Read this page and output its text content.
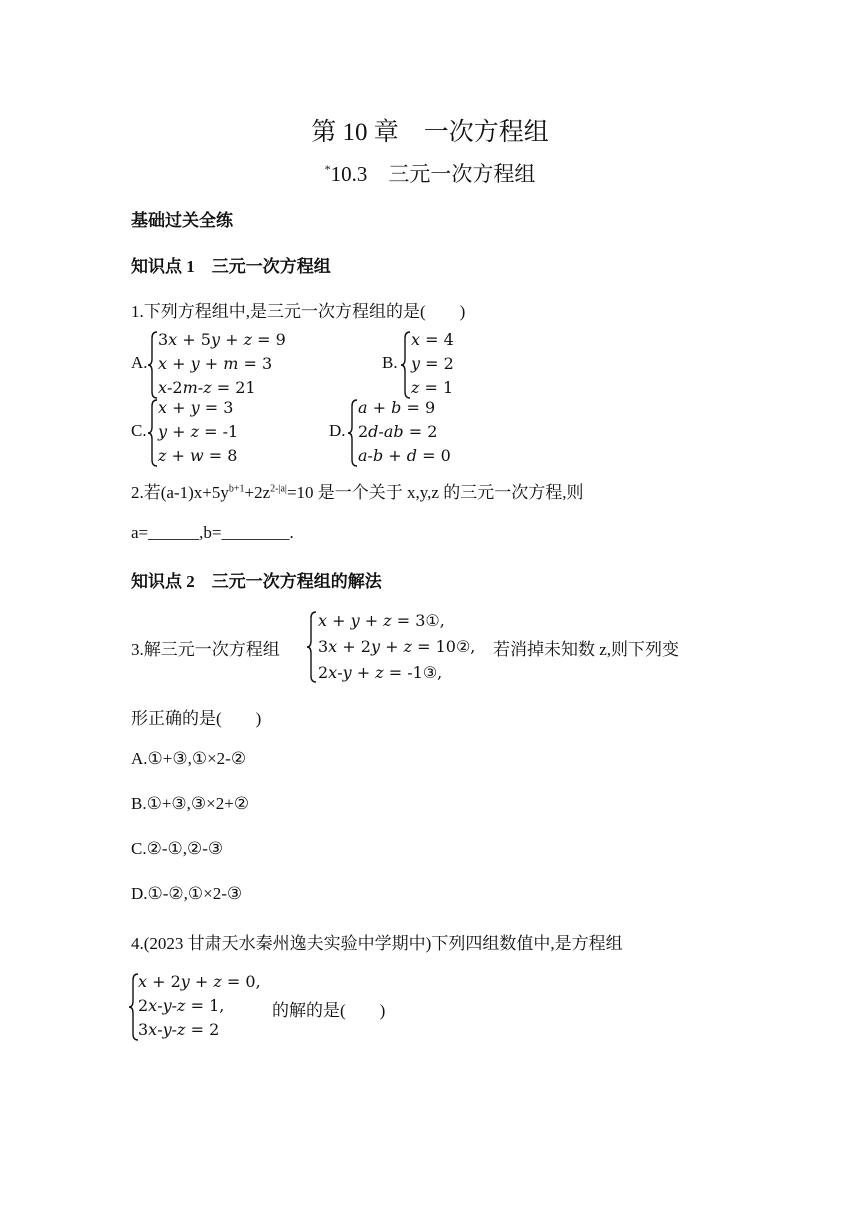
第 10 章　一次方程组
*10.3　三元一次方程组
基础过关全练
知识点 1　三元一次方程组
1.下列方程组中,是三元一次方程组的是(　　)
A.
3𝑥 + 5𝑦 + 𝑧 = 9
𝑥 + 𝑦 + 𝑚 = 3
𝑥-2𝑚-𝑧 = 21
B.
𝑥 = 4
𝑦 = 2
𝑧 = 1
C.
𝑥 + 𝑦 = 3
𝑦 + 𝑧 = -1
𝑧 + 𝑤 = 8
D.
𝑎 + 𝑏 = 9
2𝑑-𝑎𝑏 = 2
𝑎-𝑏 + 𝑑 = 0
2.若$(a-1)x+5y^{b+1}+2z^{2-|a|}=10$ 是一个关于 x,y,z 的三元一次方程,则
a=______,b=________.
知识点 2　三元一次方程组的解法
3.解三元一次方程组
𝑥 + 𝑦 + 𝑧 = 3①,
3𝑥 + 2𝑦 + 𝑧 = 10②,
2𝑥-𝑦 + 𝑧 = -1③,
若消掉未知数 z,则下列变
形正确的是(　　)
A.①+③,①×2-②
B.①+③,③×2+②
C.②-①,②-③
D.①-②,①×2-③
4.(2023 甘肃天水秦州逸夫实验中学期中)下列四组数值中,是方程组
𝑥 + 2𝑦 + 𝑧 = 0,
2𝑥-𝑦-𝑧 = 1,
3𝑥-𝑦-𝑧 = 2
的解的是(　　)
